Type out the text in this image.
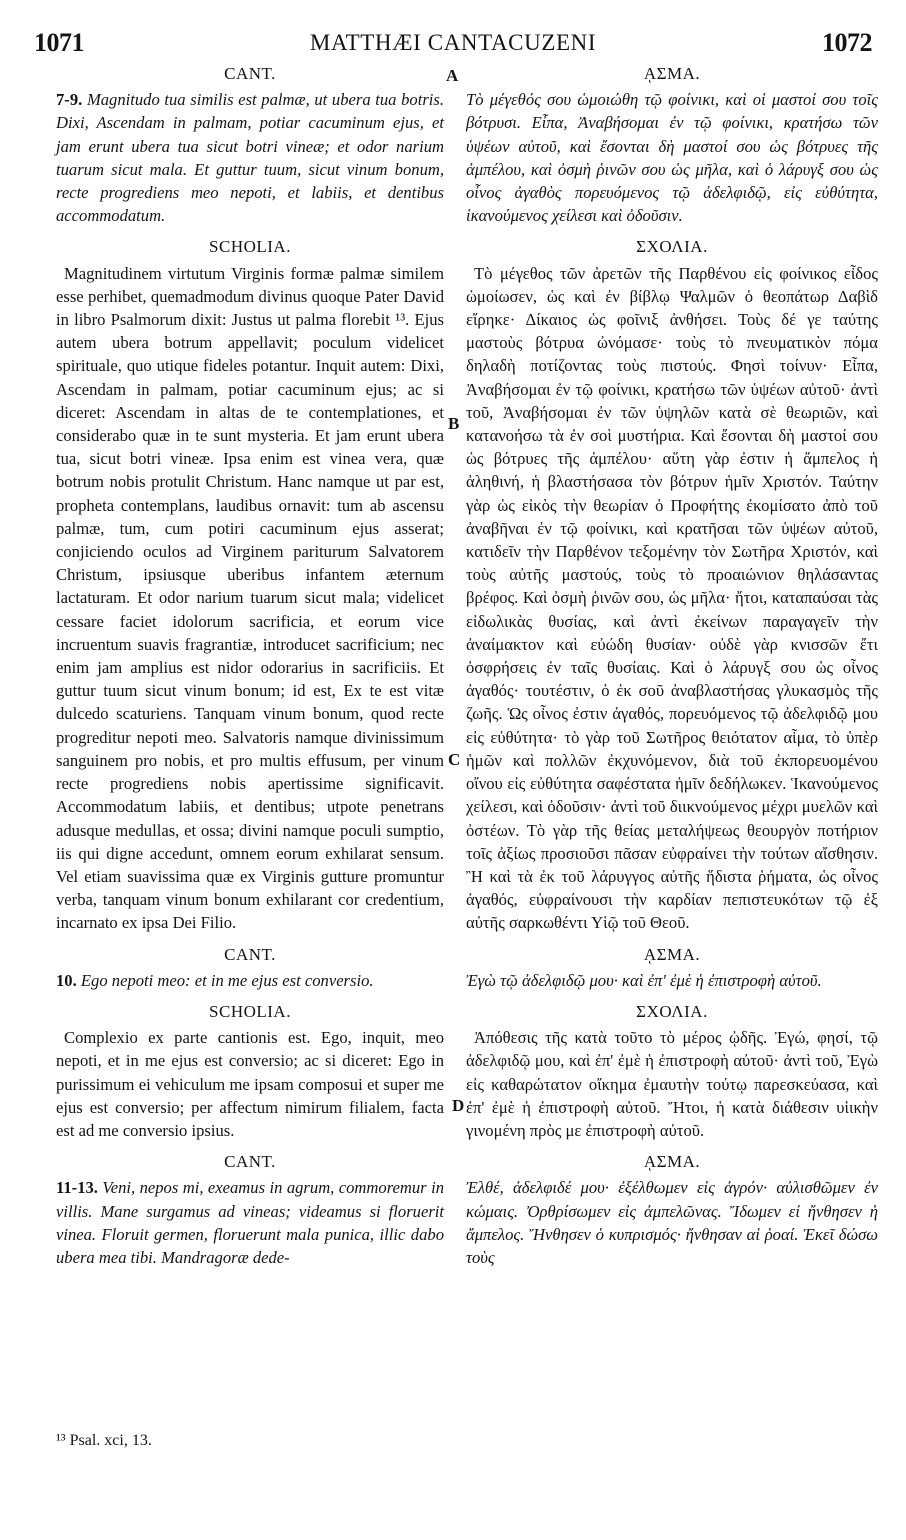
1071	MATTHÆI CANTACUZENI	1072
A
B
C
D
CANT.

7-9. Magnitudo tua similis est palmæ, ut ubera tua botris. Dixi, Ascendam in palmam, potiar cacuminum ejus, et jam erunt ubera tua sicut botri vineæ; et odor narium tuarum sicut mala. Et guttur tuum, sicut vinum bonum, recte progrediens meo nepoti, et labiis, et dentibus accommodatum.

SCHOLIA.

Magnitudinem virtutum Virginis formæ palmæ similem esse perhibet, quemadmodum divinus quoque Pater David in libro Psalmorum dixit: Justus ut palma florebit ¹³. Ejus autem ubera botrum appellavit; poculum videlicet spirituale, quo utique fideles potantur. Inquit autem: Dixi, Ascendam in palmam, potiar cacuminum ejus; ac si diceret: Ascendam in altas de te contemplationes, et considerabo quæ in te sunt mysteria. Et jam erunt ubera tua, sicut botri vineæ. Ipsa enim est vinea vera, quæ botrum nobis protulit Christum. Hanc namque ut par est, propheta contemplans, laudibus ornavit: tum ab ascensu palmæ, tum, cum potiri cacuminum ejus asserat; conjiciendo oculos ad Virginem pariturum Salvatorem Christum, ipsiusque uberibus infantem æternum lactaturam. Et odor narium tuarum sicut mala; videlicet cessare faciet idolorum sacrificia, et eorum vice incruentum suavis fragrantiæ, introducet sacrificium; nec enim jam amplius est nidor odorarius in sacrificiis. Et guttur tuum sicut vinum bonum; id est, Ex te est vitæ dulcedo scaturiens. Tanquam vinum bonum, quod recte progreditur nepoti meo. Salvatoris namque divinissimum sanguinem pro nobis, et pro multis effusum, per vinum recte progrediens nobis apertissime significavit. Accommodatum labiis, et dentibus; utpote penetrans adusque medullas, et ossa; divini namque poculi sumptio, iis qui digne accedunt, omnem eorum exhilarat sensum. Vel etiam suavissima quæ ex Virginis gutture promuntur verba, tanquam vinum bonum exhilarant cor credentium, incarnato ex ipsa Dei Filio.

CANT.

10. Ego nepoti meo: et in me ejus est conversio.

SCHOLIA.

Complexio ex parte cantionis est. Ego, inquit, meo nepoti, et in me ejus est conversio; ac si diceret: Ego in purissimum ei vehiculum me ipsam composui et super me ejus est conversio; per affectum nimirum filialem, facta est ad me conversio ipsius.

CANT.

11-13. Veni, nepos mi, exeamus in agrum, commoremur in villis. Mane surgamus ad vineas; videamus si floruerit vinea. Floruit germen, floruerunt mala punica, illic dabo ubera mea tibi. Mandragoræ dede-

ᾼΣΜΑ.

Τὸ μέγεθός σου ὡμοιώθη τῷ φοίνικι, καὶ οἱ μαστοί σου τοῖς βότρυσι. Εἶπα, Ἀναβήσομαι ἐν τῷ φοίνικι, κρατήσω τῶν ὑψέων αὐτοῦ, καὶ ἔσονται δὴ μαστοί σου ὡς βότρυες τῆς ἀμπέλου, καὶ ὀσμὴ ῥινῶν σου ὡς μῆλα, καὶ ὁ λάρυγξ σου ὡς οἶνος ἀγαθὸς πορευόμενος τῷ ἀδελφιδῷ, εἰς εὐθύτητα, ἱκανούμενος χείλεσι καὶ ὀδοῦσιν.

ΣΧΟΛΙΑ.

Τὸ μέγεθος τῶν ἀρετῶν τῆς Παρθένου εἰς φοίνικος εἶδος ὡμοίωσεν, ὡς καὶ ἐν βίβλῳ Ψαλμῶν ὁ θεοπάτωρ Δαβὶδ εἴρηκε· Δίκαιος ὡς φοῖνιξ ἀνθήσει. Τοὺς δέ γε ταύτης μαστοὺς βότρυα ὠνόμασε· τοὺς τὸ πνευματικὸν πόμα δηλαδὴ ποτίζοντας τοὺς πιστούς. Φησὶ τοίνυν· Εἶπα, Ἀναβήσομαι ἐν τῷ φοίνικι, κρατήσω τῶν ὑψέων αὐτοῦ· ἀντὶ τοῦ, Ἀναβήσομαι ἐν τῶν ὑψηλῶν κατὰ σὲ θεωριῶν, καὶ κατανοήσω τὰ ἐν σοὶ μυστήρια. Καὶ ἔσονται δὴ μαστοί σου ὡς βότρυες τῆς ἀμπέλου· αὕτη γὰρ ἐστιν ἡ ἄμπελος ἡ ἀληθινή, ἡ βλαστήσασα τὸν βότρυν ἡμῖν Χριστόν. Ταύτην γὰρ ὡς εἰκὸς τὴν θεωρίαν ὁ Προφήτης ἐκομίσατο ἀπὸ τοῦ ἀναβῆναι ἐν τῷ φοίνικι, καὶ κρατῆσαι τῶν ὑψέων αὐτοῦ, κατιδεῖν τὴν Παρθένον τεξομένην τὸν Σωτῆρα Χριστόν, καὶ τοὺς αὐτῆς μαστούς, τοὺς τὸ προαιώνιον θηλάσαντας βρέφος. Καὶ ὀσμὴ ῥινῶν σου, ὡς μῆλα· ἤτοι, καταπαύσαι τὰς εἰδωλικὰς θυσίας, καὶ ἀντὶ ἐκείνων παραγαγεῖν τὴν ἀναίμακτον καὶ εὐώδη θυσίαν· οὐδὲ γὰρ κνισσῶν ἔτι ὀσφρήσεις ἐν ταῖς θυσίαις. Καὶ ὁ λάρυγξ σου ὡς οἶνος ἀγαθός· τουτέστιν, ὁ ἐκ σοῦ ἀναβλαστήσας γλυκασμὸς τῆς ζωῆς. Ὡς οἶνος ἐστιν ἀγαθός, πορευόμενος τῷ ἀδελφιδῷ μου εἰς εὐθύτητα· τὸ γὰρ τοῦ Σωτῆρος θειότατον αἷμα, τὸ ὑπὲρ ἡμῶν καὶ πολλῶν ἐκχυνόμενον, διὰ τοῦ ἐκπορευομένου οἴνου εἰς εὐθύτητα σαφέστατα ἡμῖν δεδήλωκεν. Ἱκανούμενος χείλεσι, καὶ ὀδοῦσιν· ἀντὶ τοῦ διικνούμενος μέχρι μυελῶν καὶ ὀστέων. Τὸ γὰρ τῆς θείας μεταλήψεως θεουργὸν ποτήριον τοῖς ἀξίως προσιοῦσι πᾶσαν εὐφραίνει τὴν τούτων αἴσθησιν. Ἢ καὶ τὰ ἐκ τοῦ λάρυγγος αὐτῆς ἥδιστα ῥήματα, ὡς οἶνος ἀγαθός, εὐφραίνουσι τὴν καρδίαν πεπιστευκότων τῷ ἐξ αὐτῆς σαρκωθέντι Υἱῷ τοῦ Θεοῦ.

ᾼΣΜΑ.

Ἐγὼ τῷ ἀδελφιδῷ μου· καὶ ἐπ' ἐμὲ ἡ ἐπιστροφὴ αὐτοῦ.

ΣΧΟΛΙΑ.

Ἀπόθεσις τῆς κατὰ τοῦτο τὸ μέρος ᾠδῆς. Ἐγώ, φησί, τῷ ἀδελφιδῷ μου, καὶ ἐπ' ἐμὲ ἡ ἐπιστροφὴ αὐτοῦ· ἀντὶ τοῦ, Ἐγὼ εἰς καθαρώτατον οἴκημα ἐμαυτὴν τούτῳ παρεσκεύασα, καὶ ἐπ' ἐμὲ ἡ ἐπιστροφὴ αὐτοῦ. Ἤτοι, ἡ κατὰ διάθεσιν υἱικὴν γινομένη πρὸς με ἐπιστροφὴ αὐτοῦ.

ᾼΣΜΑ.

Ἐλθέ, ἀδελφιδέ μου· ἐξέλθωμεν εἰς ἀγρόν· αὐλισθῶμεν ἐν κώμαις. Ὀρθρίσωμεν εἰς ἀμπελῶνας. Ἴδωμεν εἰ ἤνθησεν ἡ ἄμπελος. Ἤνθησεν ὁ κυπρισμός· ἤνθησαν αἱ ῥοαί. Ἐκεῖ δώσω τοὺς

¹³ Psal. xci, 13.
